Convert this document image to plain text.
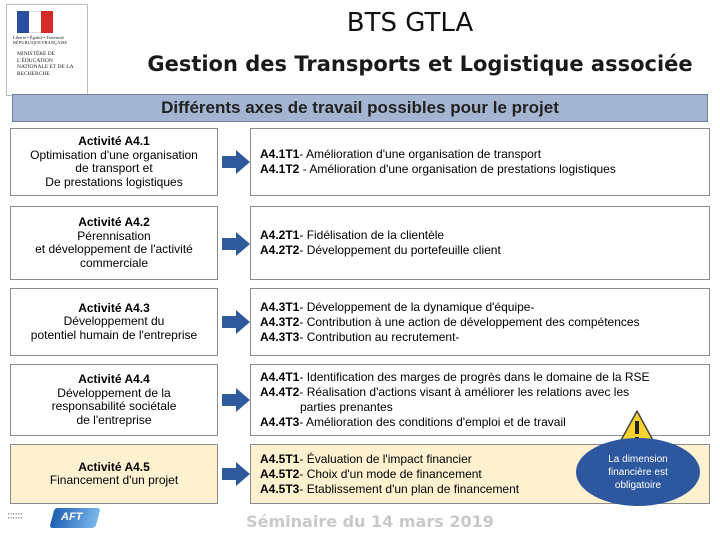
Liberté • Égalité • Fraternité RÉPUBLIQUE FRANÇAISE
MINISTÈRE DE L'ÉDUCATION NATIONALE ET DE LA RECHERCHE
BTS GTLA
Gestion des Transports et Logistique associée
Différents axes de travail possibles pour le projet
Activité A4.1
Optimisation d'une organisation
de transport et
De prestations logistiques
A4.1T1- Amélioration d'une organisation de transport
A4.1T2 - Amélioration d'une organisation de prestations logistiques
Activité A4.2
Pérennisation
et développement de l'activité
commerciale
A4.2T1- Fidélisation de la clientèle
A4.2T2- Développement du portefeuille client
Activité A4.3
Développement du
potentiel humain de l'entreprise
A4.3T1- Développement de la dynamique d'équipe-
A4.3T2- Contribution à une action de développement des compétences
A4.3T3- Contribution au recrutement-
Activité A4.4
Développement de la
responsabilité sociétale
de l'entreprise
A4.4T1- Identification des marges de progrès dans le domaine de la RSE
A4.4T2- Réalisation d'actions visant à améliorer les relations avec les
parties prenantes
A4.4T3- Amélioration des conditions d'emploi et de travail
Activité A4.5
Financement d'un projet
A4.5T1- Évaluation de l'impact financier
A4.5T2- Choix d'un mode de financement
A4.5T3- Etablissement d'un plan de financement
La dimension financière est obligatoire
Séminaire du 14 mars 2019
▪ ▪ ▪ ▪ ▪ ▪
▪ ▪ ▪ ▪ ▪ ▪	AFT
